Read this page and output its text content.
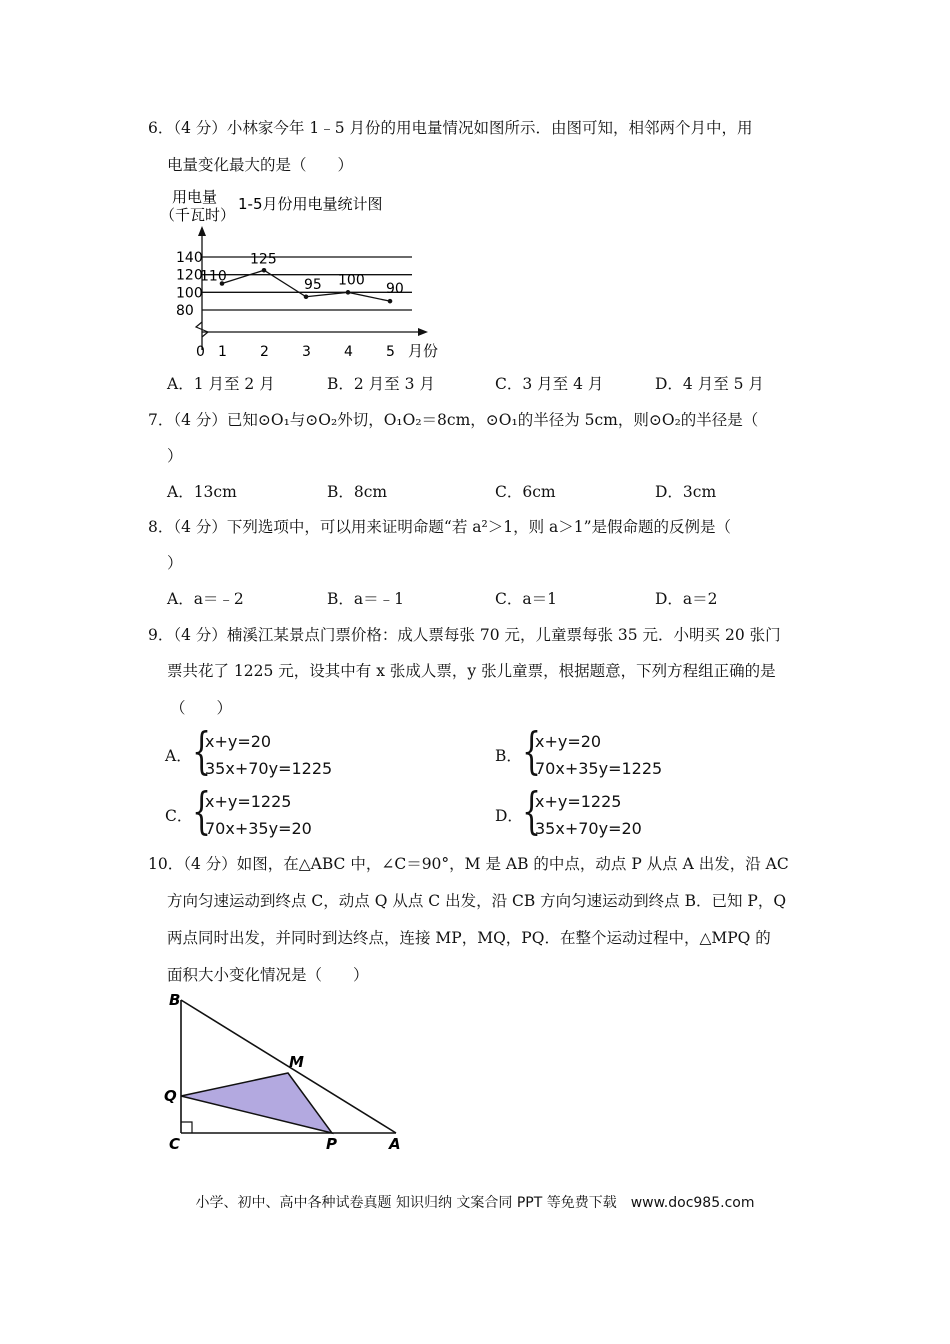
6．（4 分）小林家今年 1﹣5 月份的用电量情况如图所示．由图可知，相邻两个月中，用
电量变化最大的是（　　）
用电量
（千瓦时）
1-5月份用电量统计图
80
100
120
140
0 1 2 3 4 5 月份
110
125
95 100
90
A．1 月至 2 月	B．2 月至 3 月	C．3 月至 4 月	D．4 月至 5 月
7．（4 分）已知⊙O₁与⊙O₂外切，O₁O₂＝8cm，⊙O₁的半径为 5cm，则⊙O₂的半径是（
）
A．13cm	B．8cm	C．6cm	D．3cm
8．（4 分）下列选项中，可以用来证明命题“若 a²＞1，则 a＞1”是假命题的反例是（
）
A．a＝﹣2	B．a＝﹣1	C．a＝1	D．a＝2
9．（4 分）楠溪江某景点门票价格：成人票每张 70 元，儿童票每张 35 元．小明买 20 张门
票共花了 1225 元，设其中有 x 张成人票，y 张儿童票，根据题意，下列方程组正确的是
（　　）
A． {
x+y=20
35x+70y=1225
B． {
x+y=20
70x+35y=1225
C． {
x+y=1225
70x+35y=20
D． {
x+y=1225
35x+70y=20
10．（4 分）如图，在△ABC 中，∠C＝90°，M 是 AB 的中点，动点 P 从点 A 出发，沿 AC
方向匀速运动到终点 C，动点 Q 从点 C 出发，沿 CB 方向匀速运动到终点 B．已知 P，Q
两点同时出发，并同时到达终点，连接 MP，MQ，PQ．在整个运动过程中，△MPQ 的
面积大小变化情况是（　　）
B
M
Q
C	P	A
小学、初中、高中各种试卷真题 知识归纳 文案合同 PPT 等免费下载　www.doc985.com
